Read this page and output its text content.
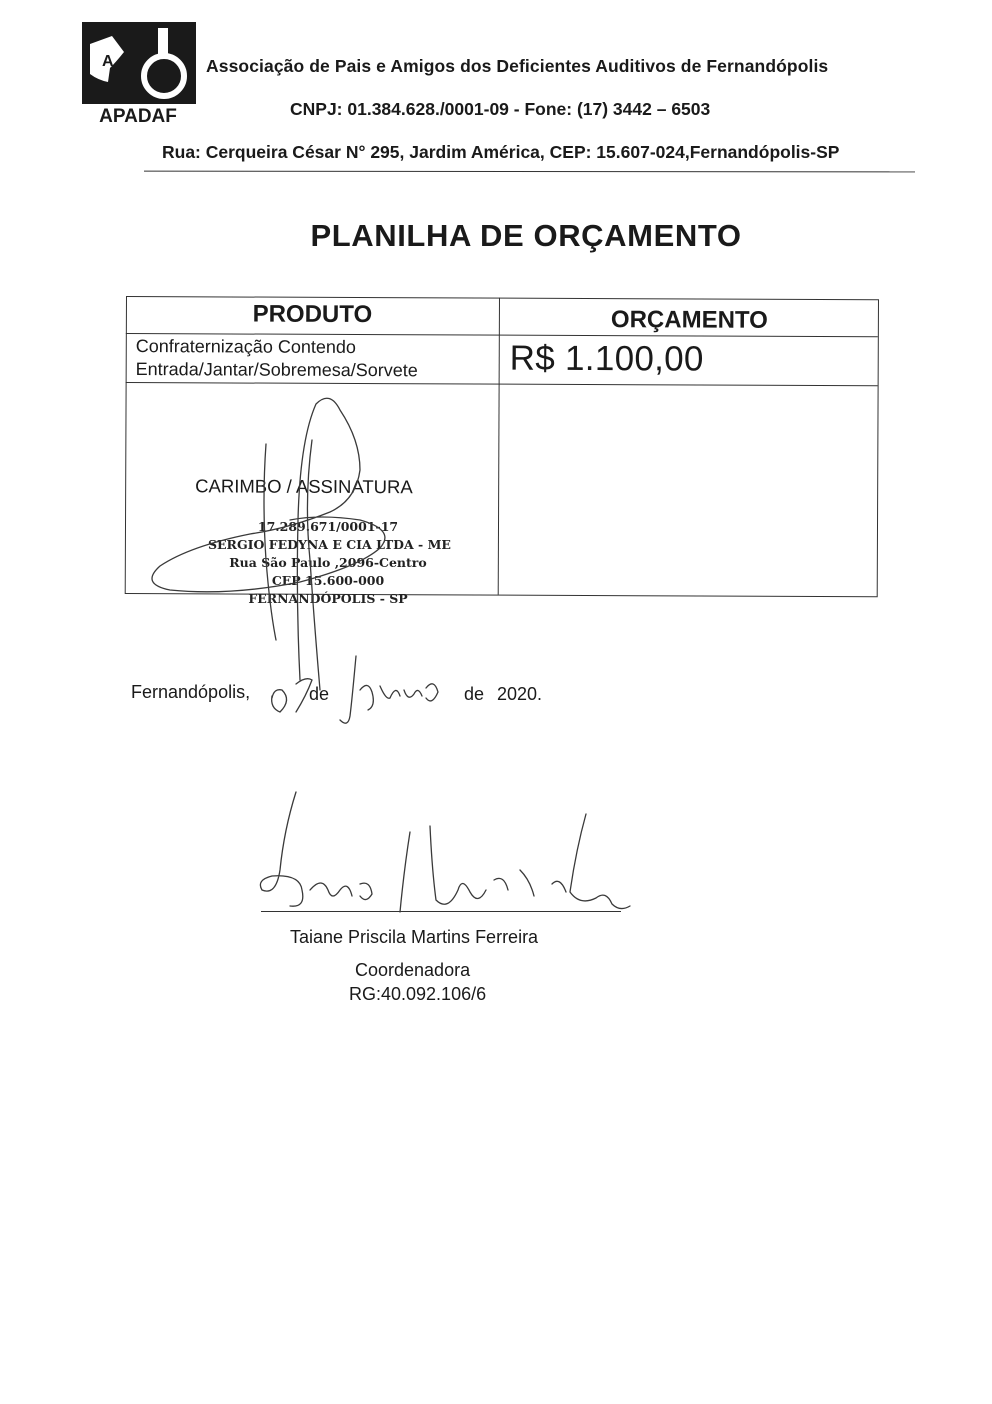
A
APADAF
Associação de Pais e Amigos dos Deficientes Auditivos de Fernandópolis
CNPJ: 01.384.628./0001-09 - Fone: (17) 3442 – 6503
Rua: Cerqueira César N° 295, Jardim América, CEP: 15.607-024,Fernandópolis-SP
PLANILHA DE ORÇAMENTO
PRODUTO	ORÇAMENTO
Confraternização Contendo
Entrada/Jantar/Sobremesa/Sorvete	R$ 1.100,00
CARIMBO / ASSINATURA
17.289.671/0001-17
SERGIO FEDYNA E CIA LTDA - ME
Rua São Paulo ,2096-Centro
CEP 15.600-000
FERNANDÓPOLIS - SP
Fernandópolis,	de	de 2020.
Taiane Priscila Martins Ferreira
Coordenadora
RG:40.092.106/6
